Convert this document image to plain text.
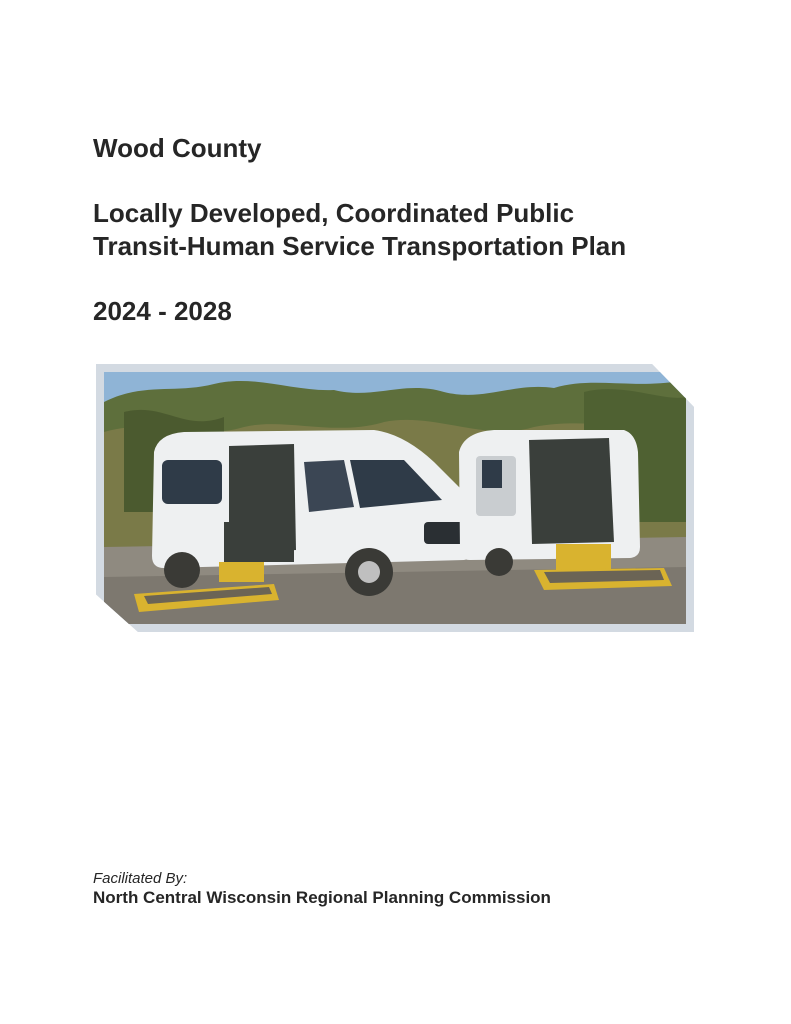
Wood County
Locally Developed, Coordinated Public
Transit-Human Service Transportation Plan
2024 - 2028
Facilitated By:
North Central Wisconsin Regional Planning Commission
